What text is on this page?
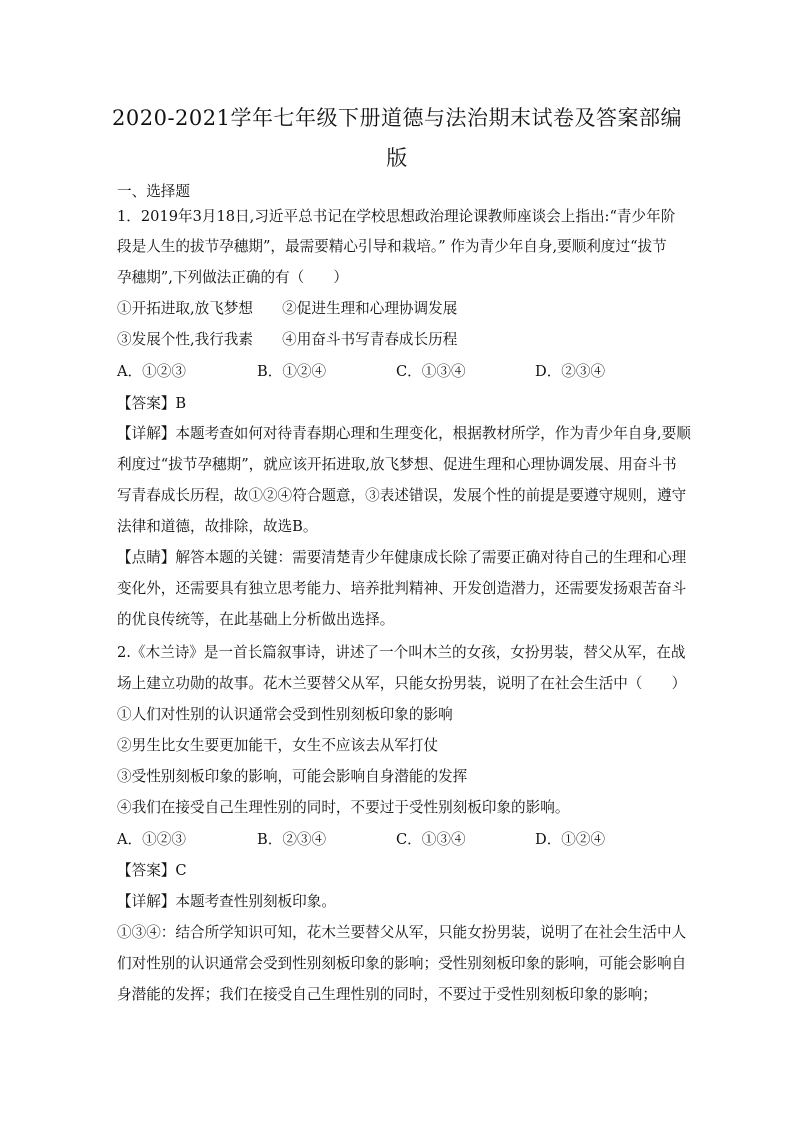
2020-2021学年七年级下册道德与法治期末试卷及答案部编
版
一、选择题
1．2019年3月18日,习近平总书记在学校思想政治理论课教师座谈会上指出:“青少年阶
段是人生的拔节孕穗期”，最需要精心引导和栽培。” 作为青少年自身,要顺利度过“拔节
孕穗期”,下列做法正确的有（　　）
①开拓进取,放飞梦想　　②促进生理和心理协调发展
③发展个性,我行我素　　④用奋斗书写青春成长历程
A．①②③	B．①②④	C．①③④	D．②③④
【答案】B
【详解】本题考查如何对待青春期心理和生理变化，根据教材所学，作为青少年自身,要顺
利度过“拔节孕穗期”，就应该开拓进取,放飞梦想、促进生理和心理协调发展、用奋斗书
写青春成长历程，故①②④符合题意，③表述错误，发展个性的前提是要遵守规则，遵守
法律和道德，故排除，故选B。
【点睛】解答本题的关键：需要清楚青少年健康成长除了需要正确对待自己的生理和心理
变化外，还需要具有独立思考能力、培养批判精神、开发创造潜力，还需要发扬艰苦奋斗
的优良传统等，在此基础上分析做出选择。
2.《木兰诗》是一首长篇叙事诗，讲述了一个叫木兰的女孩，女扮男装，替父从军，在战
场上建立功勋的故事。花木兰要替父从军，只能女扮男装，说明了在社会生活中（　　）
①人们对性别的认识通常会受到性别刻板印象的影响
②男生比女生要更加能干，女生不应该去从军打仗
③受性别刻板印象的影响，可能会影响自身潜能的发挥
④我们在接受自己生理性别的同时，不要过于受性别刻板印象的影响。
A．①②③	B．②③④	C．①③④	D．①②④
【答案】C
【详解】本题考查性别刻板印象。
①③④：结合所学知识可知，花木兰要替父从军，只能女扮男装，说明了在社会生活中人
们对性别的认识通常会受到性别刻板印象的影响；受性别刻板印象的影响，可能会影响自
身潜能的发挥；我们在接受自己生理性别的同时，不要过于受性别刻板印象的影响；
